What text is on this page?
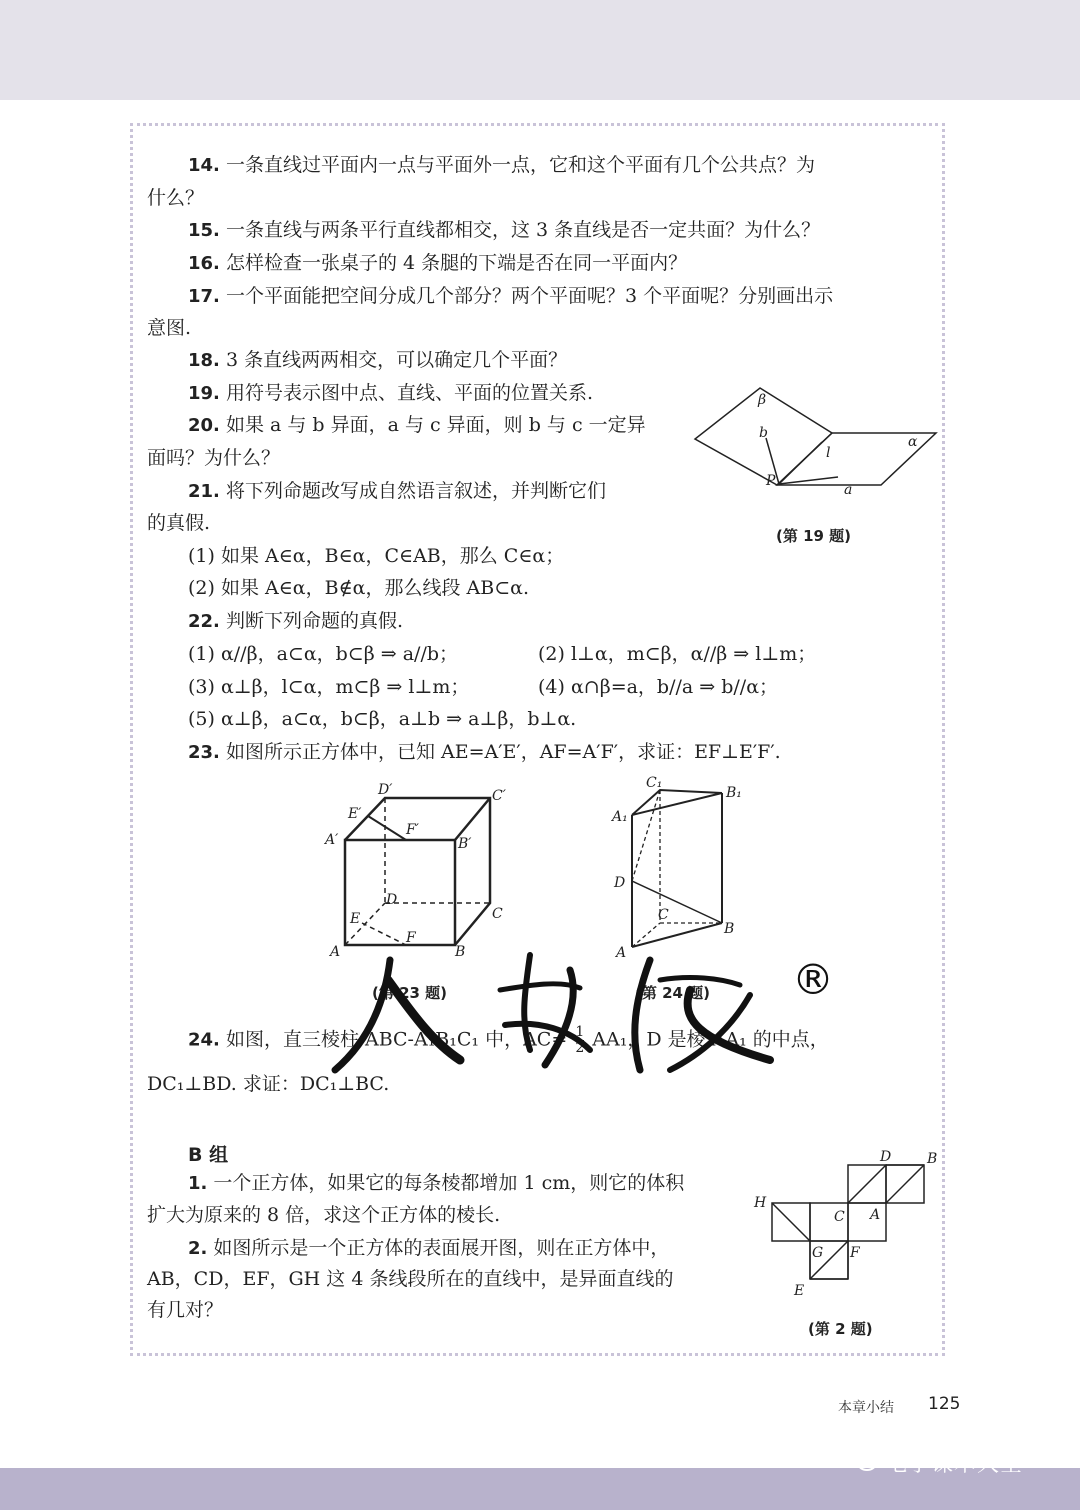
14. 一条直线过平面内一点与平面外一点，它和这个平面有几个公共点？为
什么？
15. 一条直线与两条平行直线都相交，这 3 条直线是否一定共面？为什么？
16. 怎样检查一张桌子的 4 条腿的下端是否在同一平面内？
17. 一个平面能把空间分成几个部分？两个平面呢？3 个平面呢？分别画出示
意图.
18. 3 条直线两两相交，可以确定几个平面？
19. 用符号表示图中点、直线、平面的位置关系.
20. 如果 a 与 b 异面，a 与 c 异面，则 b 与 c 一定异
面吗？为什么？
21. 将下列命题改写成自然语言叙述，并判断它们
的真假.
(1) 如果 A∈α，B∈α，C∈AB，那么 C∈α；
(2) 如果 A∈α，B∉α，那么线段 AB⊂α.
22. 判断下列命题的真假.
(1) α//β，a⊂α，b⊂β ⇒ a//b；	(2) l⊥α，m⊂β，α//β ⇒ l⊥m；
(3) α⊥β，l⊂α，m⊂β ⇒ l⊥m；	(4) α∩β=a，b//a ⇒ b//α；
(5) α⊥β，a⊂α，b⊂β，a⊥b ⇒ a⊥β，b⊥α.
23. 如图所示正方体中，已知 AE=A′E′，AF=A′F′，求证：EF⊥E′F′.
β
α
b
l
P
a
(第 19 题)
D′	C′
E′
F′
A′	B′
D
C
E
F
A	B
(第 23 题)
C₁
B₁
A₁
D
C
A
B
(第 24 题)
24. 如图，直三棱柱 ABC-A₁B₁C₁ 中，$AC= \frac{1}{2} AA_1$，D 是棱 AA₁ 的中点，
DC₁⊥BD. 求证：DC₁⊥BC.
人教版
®
B 组
1. 一个正方体，如果它的每条棱都增加 1 cm，则它的体积
扩大为原来的 8 倍，求这个正方体的棱长.
2. 如图所示是一个正方体的表面展开图，则在正方体中，
AB，CD，EF，GH 这 4 条线段所在的直线中，是异面直线的
有几对？
D	B
H
C A
G F
E
(第 2 题)
本章小结 125
电子课本大全
